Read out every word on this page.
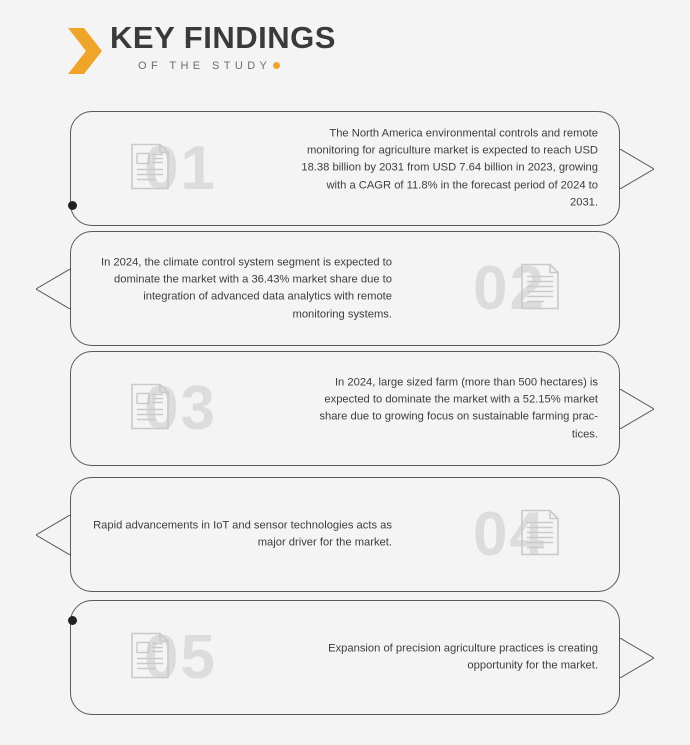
KEY FINDINGS
OF THE STUDY
01
The North America environmental controls and remote monitoring for agriculture market is expected to reach USD 18.38 billion by 2031 from USD 7.64 billion in 2023, growing with a CAGR of 11.8% in the forecast period of 2024 to 2031.
02
In 2024, the climate control system segment is expected to dominate the market with a 36.43% market share due to integration of advanced data analytics with remote monitoring systems.
03	In 2024, large sized farm (more than 500 hectares) is expected to dominate the market with a 52.15% market share due to growing focus on sustainable farming prac-tices.
04
Rapid advancements in IoT and sensor technologies acts as major driver for the market.
05	Expansion of precision agriculture practices is creating opportunity for the market.
